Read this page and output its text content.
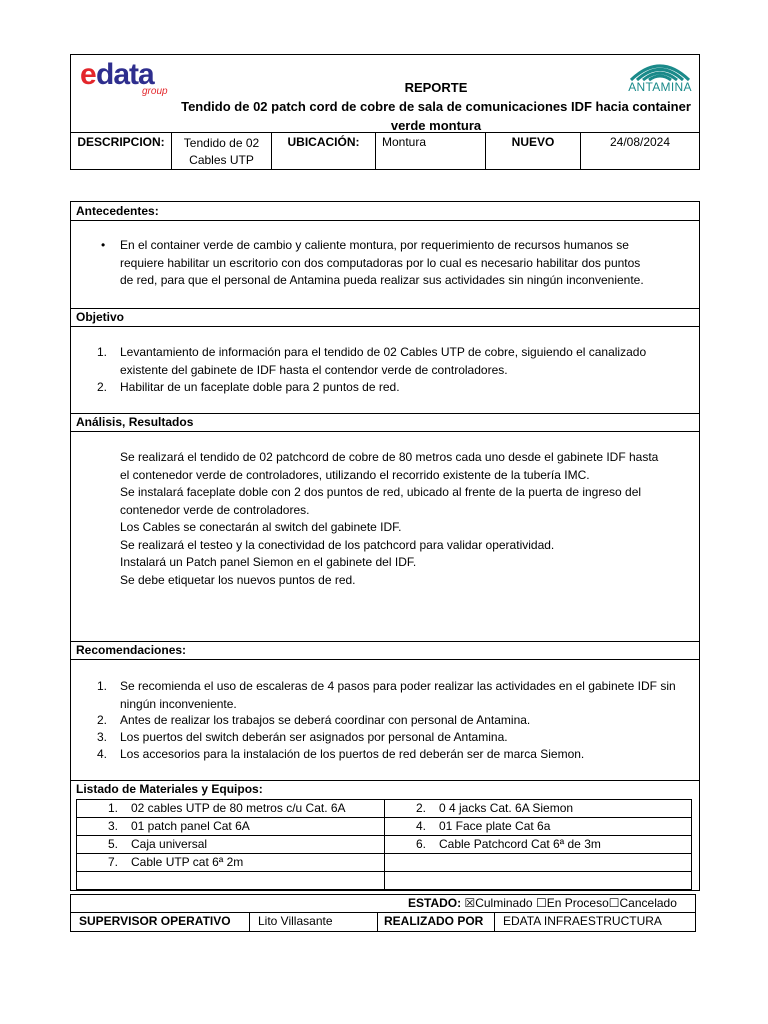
e data
group	ANTAMINA
REPORTE
Tendido de 02 patch cord de cobre de sala de comunicaciones IDF hacia container
verde montura
DESCRIPCION:	Tendido de 02
Cables UTP
UBICACIÓN:	Montura	NUEVO	24/08/2024
Antecedentes:
• En el container verde de cambio y caliente montura, por requerimiento de recursos humanos se
requiere habilitar un escritorio con dos computadoras por lo cual es necesario habilitar dos puntos
de red, para que el personal de Antamina pueda realizar sus actividades sin ningún inconveniente.
Objetivo
1. Levantamiento de información para el tendido de 02 Cables UTP de cobre, siguiendo el canalizado
existente del gabinete de IDF hasta el contendor verde de controladores.
2. Habilitar de un faceplate doble para 2 puntos de red.
Análisis, Resultados
Se realizará el tendido de 02 patchcord de cobre de 80 metros cada uno desde el gabinete IDF hasta
el contenedor verde de controladores, utilizando el recorrido existente de la tubería IMC.
Se instalará faceplate doble con 2 dos puntos de red, ubicado al frente de la puerta de ingreso del
contenedor verde de controladores.
Los Cables se conectarán al switch del gabinete IDF.
Se realizará el testeo y la conectividad de los patchcord para validar operatividad.
Instalará un Patch panel Siemon en el gabinete del IDF.
Se debe etiquetar los nuevos puntos de red.
Recomendaciones:
1. Se recomienda el uso de escaleras de 4 pasos para poder realizar las actividades en el gabinete IDF sin
ningún inconveniente.
2. Antes de realizar los trabajos se deberá coordinar con personal de Antamina.
3. Los puertos del switch deberán ser asignados por personal de Antamina.
4. Los accesorios para la instalación de los puertos de red deberán ser de marca Siemon.
Listado de Materiales y Equipos:
1. 02 cables UTP de 80 metros c/u Cat. 6A	2. 0 4 jacks Cat. 6A Siemon
3. 01 patch panel Cat 6A	4. 01 Face plate Cat 6a
5. Caja universal	6. Cable Patchcord Cat 6ª de 3m
7. Cable UTP cat 6ª 2m
ESTADO: ☒Culminado ☐En Proceso☐Cancelado
SUPERVISOR OPERATIVO	Lito Villasante	REALIZADO POR	EDATA INFRAESTRUCTURA
